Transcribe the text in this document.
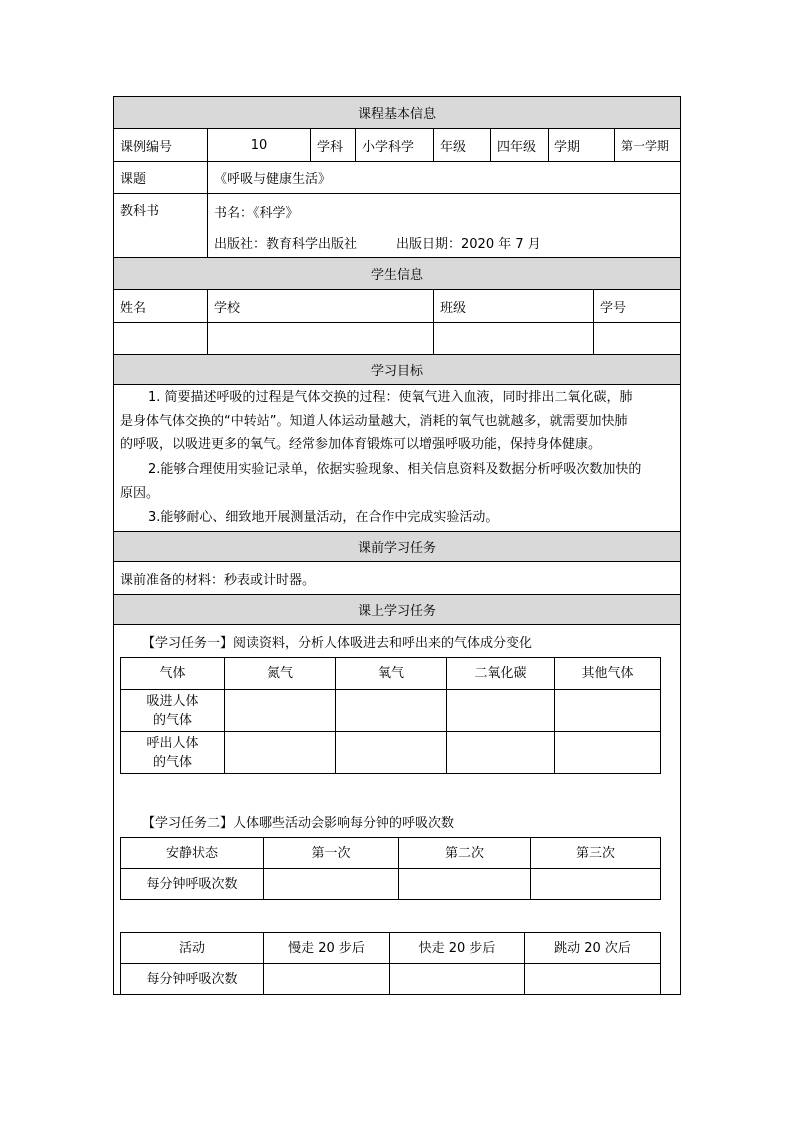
课程基本信息
课例编号	10	学科	小学科学	年级	四年级	学期	第一学期
课题	《呼吸与健康生活》
教科书	书名：《科学》
出版社：教育科学出版社	出版日期：2020 年 7 月
学生信息
姓名	学校	班级	学号
学习目标
1. 简要描述呼吸的过程是气体交换的过程：使氧气进入血液，同时排出二氧化碳，肺
是身体气体交换的“中转站”。知道人体运动量越大，消耗的氧气也就越多，就需要加快肺
的呼吸，以吸进更多的氧气。经常参加体育锻炼可以增强呼吸功能，保持身体健康。
2.能够合理使用实验记录单，依据实验现象、相关信息资料及数据分析呼吸次数加快的
原因。
3.能够耐心、细致地开展测量活动，在合作中完成实验活动。
课前学习任务
课前准备的材料：秒表或计时器。
课上学习任务
【学习任务一】阅读资料，分析人体吸进去和呼出来的气体成分变化
气体	氮气	氧气	二氧化碳	其他气体

吸进人体
的气体				

呼出人体
的气体				

【学习任务二】人体哪些活动会影响每分钟的呼吸次数
安静状态	第一次	第二次	第三次
每分钟呼吸次数			
活动	慢走 20 步后	快走 20 步后	跳动 20 次后
每分钟呼吸次数			
